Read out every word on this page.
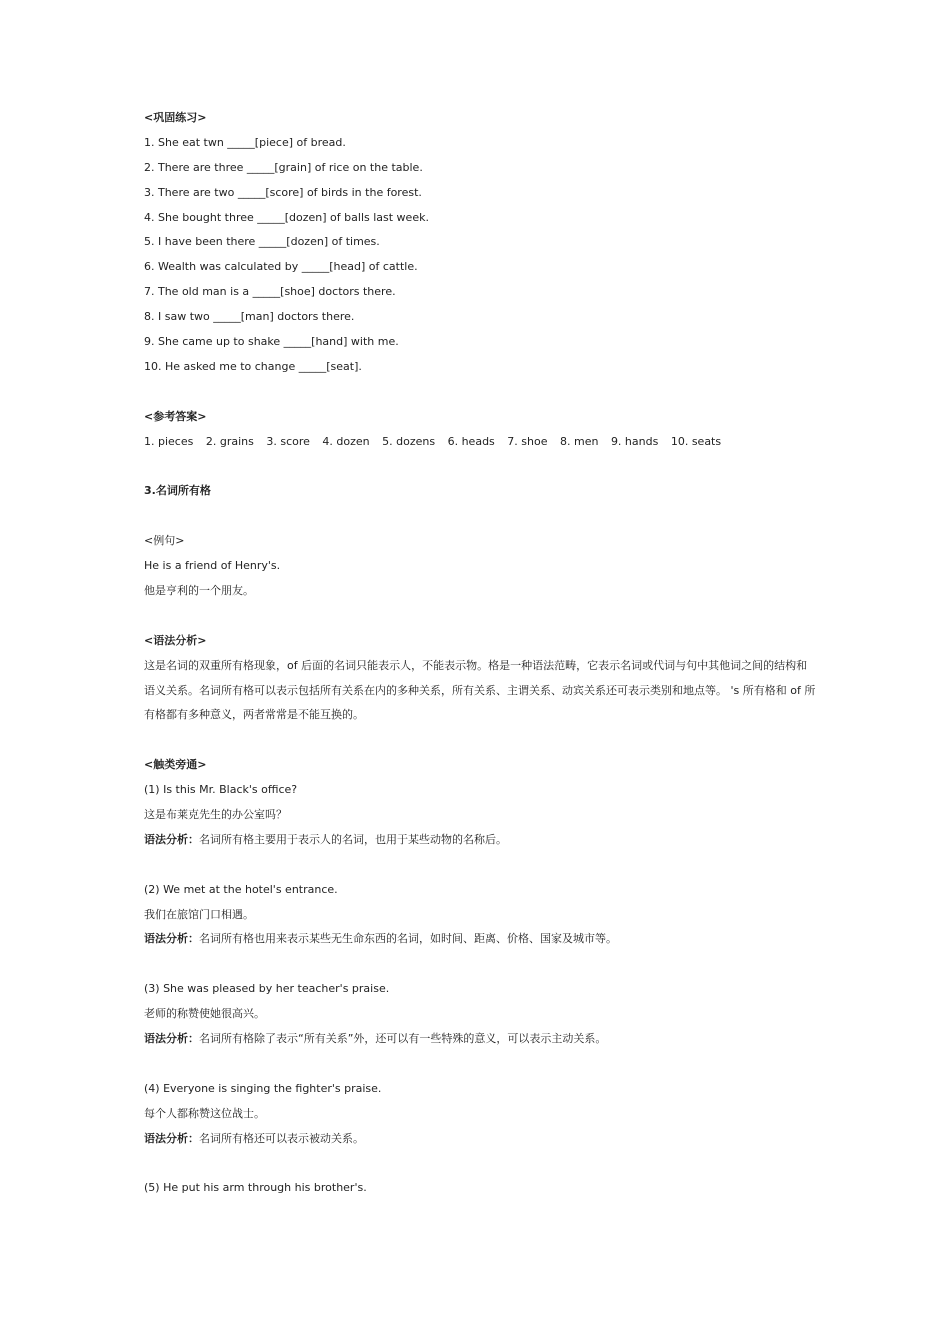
<巩固练习>

1. She eat twn _____[piece] of bread.

2. There are three _____[grain] of rice on the table.

3. There are two _____[score] of birds in the forest.

4. She bought three _____[dozen] of balls last week.

5. I have been there _____[dozen] of times.

6. Wealth was calculated by _____[head] of cattle.

7. The old man is a _____[shoe] doctors there.

8. I saw two _____[man] doctors there.

9. She came up to shake _____[hand] with me.

10. He asked me to change _____[seat].

<参考答案>

1. pieces 2. grains 3. score 4. dozen 5. dozens 6. heads 7. shoe 8. men 9. hands 10. seats

3.名词所有格

<例句>

He is a friend of Henry's.

他是亨利的一个朋友。

<语法分析>

这是名词的双重所有格现象，of 后面的名词只能表示人，不能表示物。格是一种语法范畴，它表示名词或代词与句中其他词之间的结构和语义关系。名词所有格可以表示包括所有关系在内的多种关系，所有关系、主谓关系、动宾关系还可表示类别和地点等。 's 所有格和 of 所有格都有多种意义，两者常常是不能互换的。

<触类旁通>

(1) Is this Mr. Black's office?

这是布莱克先生的办公室吗？

语法分析：名词所有格主要用于表示人的名词，也用于某些动物的名称后。

(2) We met at the hotel's entrance.

我们在旅馆门口相遇。

语法分析：名词所有格也用来表示某些无生命东西的名词，如时间、距离、价格、国家及城市等。

(3) She was pleased by her teacher's praise.

老师的称赞使她很高兴。

语法分析：名词所有格除了表示“所有关系”外，还可以有一些特殊的意义，可以表示主动关系。

(4) Everyone is singing the fighter's praise.

每个人都称赞这位战士。

语法分析：名词所有格还可以表示被动关系。

(5) He put his arm through his brother's.
